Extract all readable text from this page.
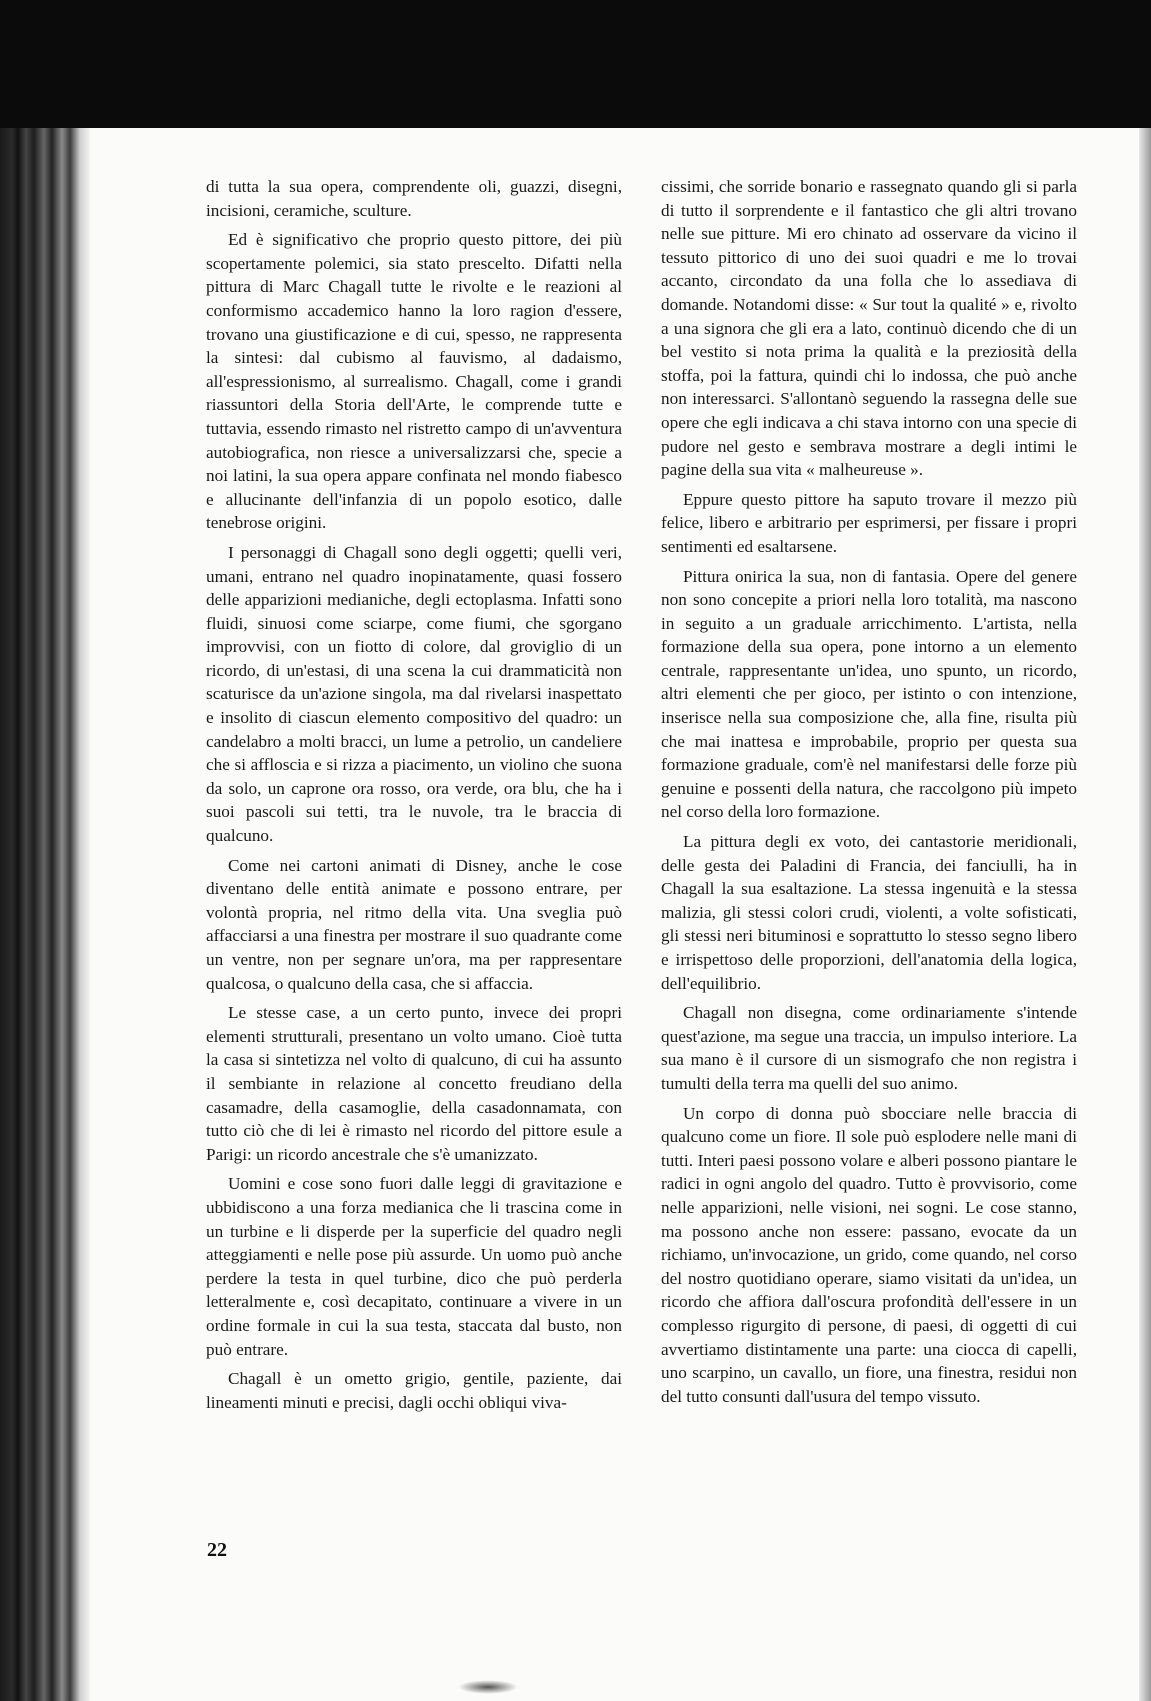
di tutta la sua opera, comprendente oli, guazzi, disegni, incisioni, ceramiche, sculture.

Ed è significativo che proprio questo pittore, dei più scopertamente polemici, sia stato prescelto. Difatti nella pittura di Marc Chagall tutte le rivolte e le reazioni al conformismo accademico hanno la loro ragion d'essere, trovano una giustificazione e di cui, spesso, ne rappresenta la sintesi: dal cubismo al fauvismo, al dadaismo, all'espressionismo, al surrealismo. Chagall, come i grandi riassuntori della Storia dell'Arte, le comprende tutte e tuttavia, essendo rimasto nel ristretto campo di un'avventura autobiografica, non riesce a universalizzarsi che, specie a noi latini, la sua opera appare confinata nel mondo fiabesco e allucinante dell'infanzia di un popolo esotico, dalle tenebrose origini.

I personaggi di Chagall sono degli oggetti; quelli veri, umani, entrano nel quadro inopinatamente, quasi fossero delle apparizioni medianiche, degli ectoplasma. Infatti sono fluidi, sinuosi come sciarpe, come fiumi, che sgorgano improvvisi, con un fiotto di colore, dal groviglio di un ricordo, di un'estasi, di una scena la cui drammaticità non scaturisce da un'azione singola, ma dal rivelarsi inaspettato e insolito di ciascun elemento compositivo del quadro: un candelabro a molti bracci, un lume a petrolio, un candeliere che si affloscia e si rizza a piacimento, un violino che suona da solo, un caprone ora rosso, ora verde, ora blu, che ha i suoi pascoli sui tetti, tra le nuvole, tra le braccia di qualcuno.

Come nei cartoni animati di Disney, anche le cose diventano delle entità animate e possono entrare, per volontà propria, nel ritmo della vita. Una sveglia può affacciarsi a una finestra per mostrare il suo quadrante come un ventre, non per segnare un'ora, ma per rappresentare qualcosa, o qualcuno della casa, che si affaccia.

Le stesse case, a un certo punto, invece dei propri elementi strutturali, presentano un volto umano. Cioè tutta la casa si sintetizza nel volto di qualcuno, di cui ha assunto il sembiante in relazione al concetto freudiano della casamadre, della casamoglie, della casadonnamata, con tutto ciò che di lei è rimasto nel ricordo del pittore esule a Parigi: un ricordo ancestrale che s'è umanizzato.

Uomini e cose sono fuori dalle leggi di gravitazione e ubbidiscono a una forza medianica che li trascina come in un turbine e li disperde per la superficie del quadro negli atteggiamenti e nelle pose più assurde. Un uomo può anche perdere la testa in quel turbine, dico che può perderla letteralmente e, così decapitato, continuare a vivere in un ordine formale in cui la sua testa, staccata dal busto, non può entrare.

Chagall è un ometto grigio, gentile, paziente, dai lineamenti minuti e precisi, dagli occhi obliqui viva-

cissimi, che sorride bonario e rassegnato quando gli si parla di tutto il sorprendente e il fantastico che gli altri trovano nelle sue pitture. Mi ero chinato ad osservare da vicino il tessuto pittorico di uno dei suoi quadri e me lo trovai accanto, circondato da una folla che lo assediava di domande. Notandomi disse: « Sur tout la qualité » e, rivolto a una signora che gli era a lato, continuò dicendo che di un bel vestito si nota prima la qualità e la preziosità della stoffa, poi la fattura, quindi chi lo indossa, che può anche non interessarci. S'allontanò seguendo la rassegna delle sue opere che egli indicava a chi stava intorno con una specie di pudore nel gesto e sembrava mostrare a degli intimi le pagine della sua vita « malheureuse ».

Eppure questo pittore ha saputo trovare il mezzo più felice, libero e arbitrario per esprimersi, per fissare i propri sentimenti ed esaltarsene.

Pittura onirica la sua, non di fantasia. Opere del genere non sono concepite a priori nella loro totalità, ma nascono in seguito a un graduale arricchimento. L'artista, nella formazione della sua opera, pone intorno a un elemento centrale, rappresentante un'idea, uno spunto, un ricordo, altri elementi che per gioco, per istinto o con intenzione, inserisce nella sua composizione che, alla fine, risulta più che mai inattesa e improbabile, proprio per questa sua formazione graduale, com'è nel manifestarsi delle forze più genuine e possenti della natura, che raccolgono più impeto nel corso della loro formazione.

La pittura degli ex voto, dei cantastorie meridionali, delle gesta dei Paladini di Francia, dei fanciulli, ha in Chagall la sua esaltazione. La stessa ingenuità e la stessa malizia, gli stessi colori crudi, violenti, a volte sofisticati, gli stessi neri bituminosi e soprattutto lo stesso segno libero e irrispettoso delle proporzioni, dell'anatomia della logica, dell'equilibrio.

Chagall non disegna, come ordinariamente s'intende quest'azione, ma segue una traccia, un impulso interiore. La sua mano è il cursore di un sismografo che non registra i tumulti della terra ma quelli del suo animo.

Un corpo di donna può sbocciare nelle braccia di qualcuno come un fiore. Il sole può esplodere nelle mani di tutti. Interi paesi possono volare e alberi possono piantare le radici in ogni angolo del quadro. Tutto è provvisorio, come nelle apparizioni, nelle visioni, nei sogni. Le cose stanno, ma possono anche non essere: passano, evocate da un richiamo, un'invocazione, un grido, come quando, nel corso del nostro quotidiano operare, siamo visitati da un'idea, un ricordo che affiora dall'oscura profondità dell'essere in un complesso rigurgito di persone, di paesi, di oggetti di cui avvertiamo distintamente una parte: una ciocca di capelli, uno scarpino, un cavallo, un fiore, una finestra, residui non del tutto consunti dall'usura del tempo vissuto.

22
